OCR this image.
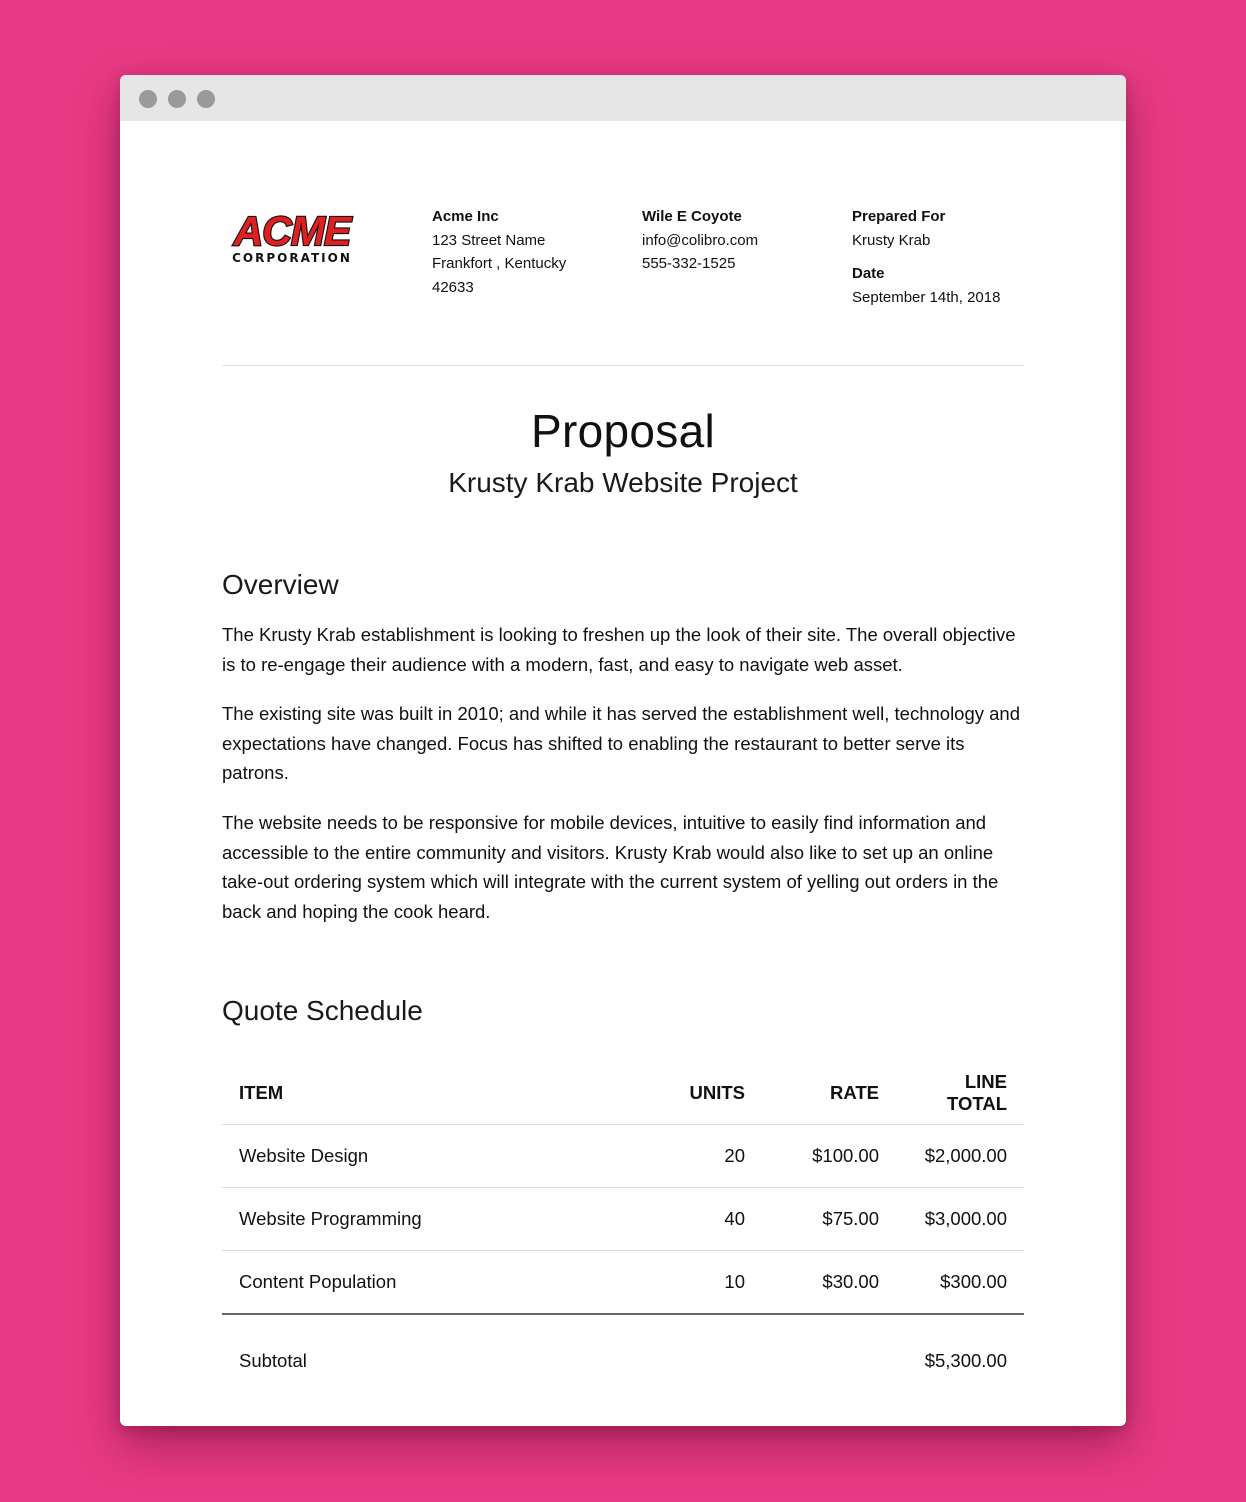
ACME
CORPORATION
Acme Inc
123 Street Name
Frankfort , Kentucky
42633
Wile E Coyote
info@colibro.com
555-332-1525
Prepared For
Krusty Krab
Date
September 14th, 2018
Proposal
Krusty Krab Website Project
Overview

The Krusty Krab establishment is looking to freshen up the look of their site. The overall objective is to re-engage their audience with a modern, fast, and easy to navigate web asset.

The existing site was built in 2010; and while it has served the establishment well, technology and expectations have changed. Focus has shifted to enabling the restaurant to better serve its patrons.

The website needs to be responsive for mobile devices, intuitive to easily find information and accessible to the entire community and visitors. Krusty Krab would also like to set up an online take-out ordering system which will integrate with the current system of yelling out orders in the back and hoping the cook heard.

Quote Schedule
ITEM	UNITS	RATE	LINE TOTAL
Website Design	20	$100.00	$2,000.00
Website Programming	40	$75.00	$3,000.00
Content Population	10	$30.00	$300.00
Subtotal			$5,300.00
